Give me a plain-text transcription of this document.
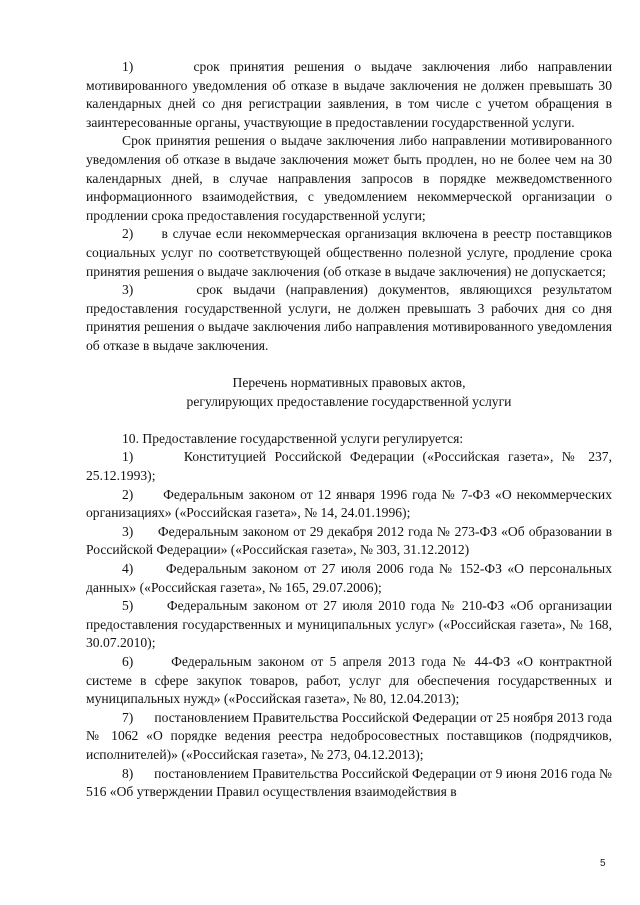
1)      срок принятия решения о выдаче заключения либо направлении мотивированного уведомления об отказе в выдаче заключения не должен превышать 30 календарных дней со дня регистрации заявления, в том числе с учетом обращения в заинтересованные органы, участвующие в предоставлении государственной услуги.

Срок принятия решения о выдаче заключения либо направлении мотивированного уведомления об отказе в выдаче заключения может быть продлен, но не более чем на 30 календарных дней, в случае направления запросов в порядке межведомственного информационного взаимодействия, с уведомлением некоммерческой организации о продлении срока предоставления государственной услуги;

2)      в случае если некоммерческая организация включена в реестр поставщиков социальных услуг по соответствующей общественно полезной услуге, продление срока принятия решения о выдаче заключения (об отказе в выдаче заключения) не допускается;

3)      срок выдачи (направления) документов, являющихся результатом предоставления государственной услуги, не должен превышать 3 рабочих дня со дня принятия решения о выдаче заключения либо направления мотивированного уведомления об отказе в выдаче заключения.

Перечень нормативных правовых актов,

регулирующих предоставление государственной услуги

10. Предоставление государственной услуги регулируется:

1)      Конституцией Российской Федерации («Российская газета», № 237, 25.12.1993);

2)      Федеральным законом от 12 января 1996 года № 7-ФЗ «О некоммерческих организациях» («Российская газета», № 14, 24.01.1996);

3)      Федеральным законом от 29 декабря 2012 года № 273-ФЗ «Об образовании в Российской Федерации» («Российская газета», № 303, 31.12.2012)

4)      Федеральным законом от 27 июля 2006 года № 152-ФЗ «О персональных данных» («Российская газета», № 165, 29.07.2006);

5)      Федеральным законом от 27 июля 2010 года № 210-ФЗ «Об организации предоставления государственных и муниципальных услуг» («Российская газета», № 168, 30.07.2010);

6)      Федеральным законом от 5 апреля 2013 года № 44-ФЗ «О контрактной системе в сфере закупок товаров, работ, услуг для обеспечения государственных и муниципальных нужд» («Российская газета», № 80, 12.04.2013);

7)      постановлением Правительства Российской Федерации от 25 ноября 2013 года № 1062 «О порядке ведения реестра недобросовестных поставщиков (подрядчиков, исполнителей)» («Российская газета», № 273, 04.12.2013);

8)      постановлением Правительства Российской Федерации от 9 июня 2016 года № 516 «Об утверждении Правил осуществления взаимодействия в

5
